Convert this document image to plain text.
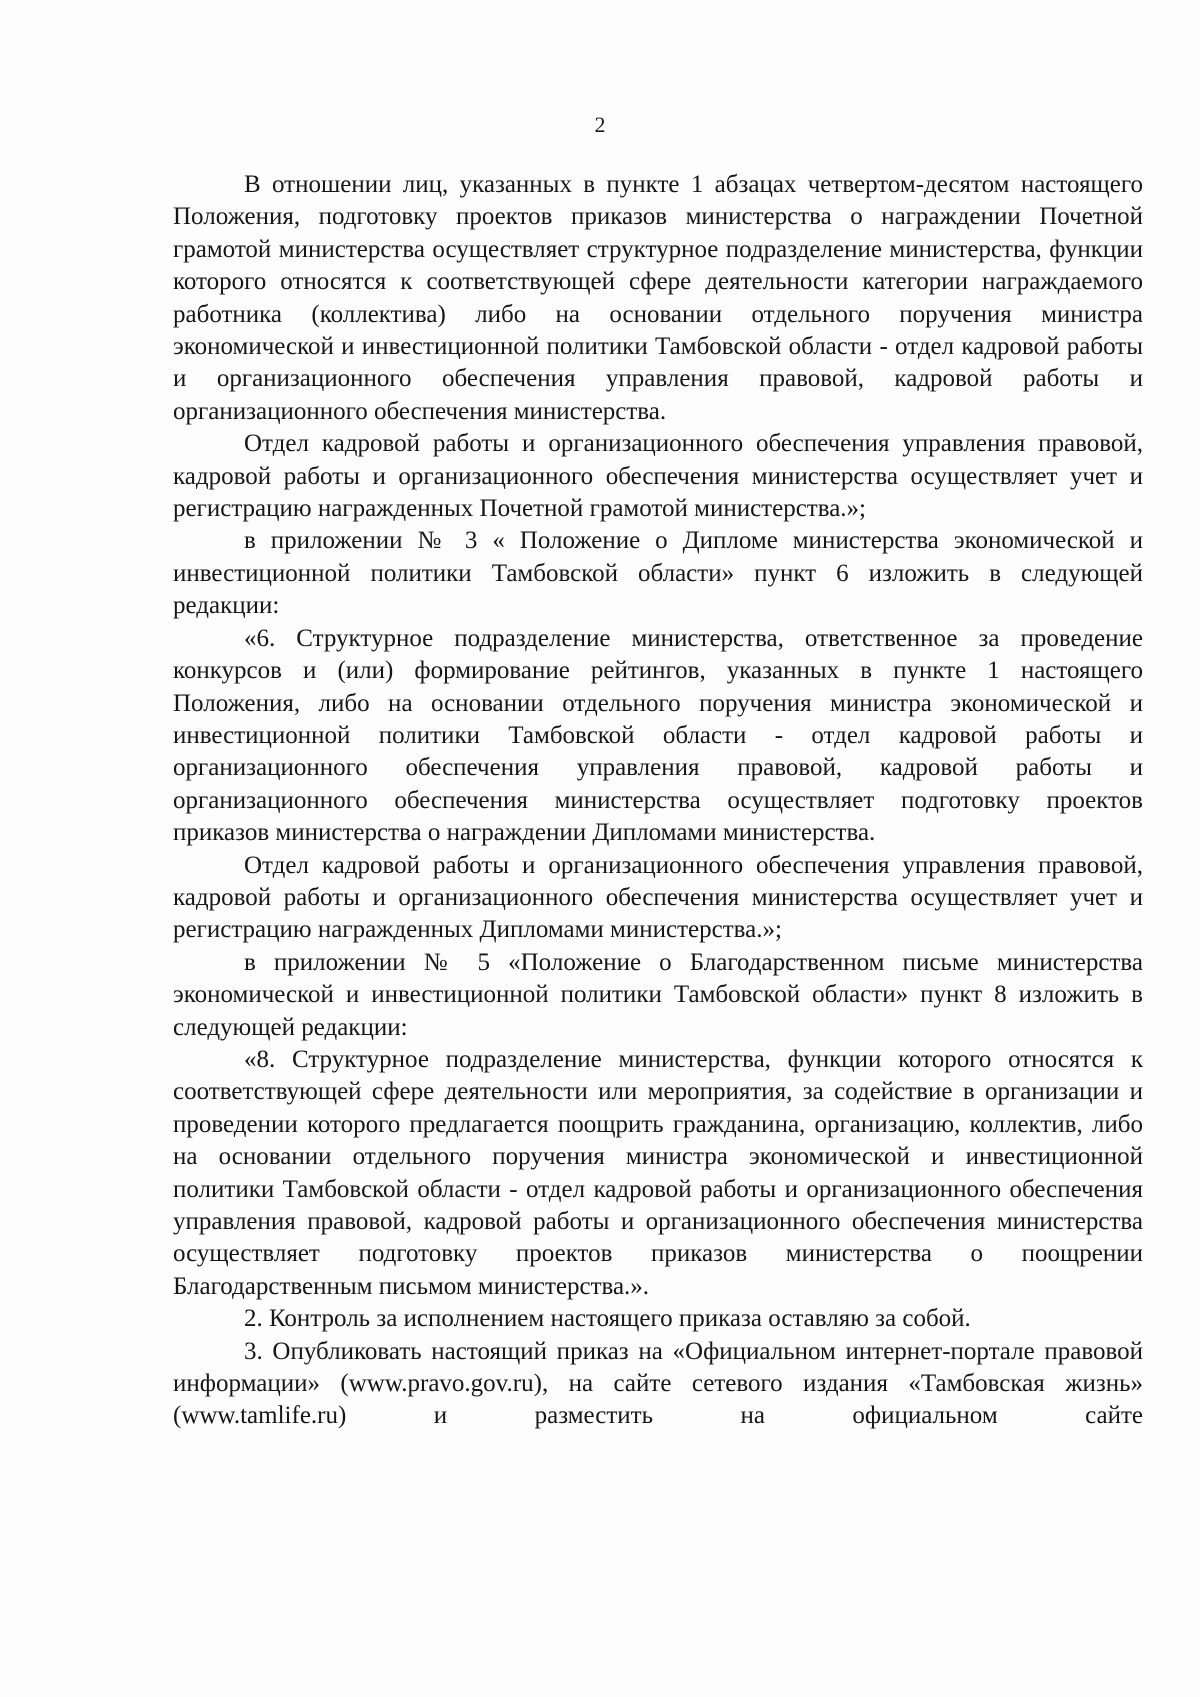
2

В отношении лиц, указанных в пункте 1 абзацах четвертом-десятом настоящего Положения, подготовку проектов приказов министерства о награждении Почетной грамотой министерства осуществляет структурное подразделение министерства, функции которого относятся к соответствующей сфере деятельности категории награждаемого работника (коллектива) либо на основании отдельного поручения министра экономической и инвестиционной политики Тамбовской области - отдел кадровой работы и организационного обеспечения управления правовой, кадровой работы и организационного обеспечения министерства.

Отдел кадровой работы и организационного обеспечения управления правовой, кадровой работы и организационного обеспечения министерства осуществляет учет и регистрацию награжденных Почетной грамотой министерства.»;

в приложении № 3 « Положение о Дипломе министерства экономической и инвестиционной политики Тамбовской области» пункт 6 изложить в следующей редакции:

«6. Структурное подразделение министерства, ответственное за проведение конкурсов и (или) формирование рейтингов, указанных в пункте 1 настоящего Положения, либо на основании отдельного поручения министра экономической и инвестиционной политики Тамбовской области - отдел кадровой работы и организационного обеспечения управления правовой, кадровой работы и организационного обеспечения министерства осуществляет подготовку проектов приказов министерства о награждении Дипломами министерства.

Отдел кадровой работы и организационного обеспечения управления правовой, кадровой работы и организационного обеспечения министерства осуществляет учет и регистрацию награжденных Дипломами министерства.»;

в приложении № 5 «Положение о Благодарственном письме министерства экономической и инвестиционной политики Тамбовской области» пункт 8 изложить в следующей редакции:

«8. Структурное подразделение министерства, функции которого относятся к соответствующей сфере деятельности или мероприятия, за содействие в организации и проведении которого предлагается поощрить гражданина, организацию, коллектив, либо на основании отдельного поручения министра экономической и инвестиционной политики Тамбовской области - отдел кадровой работы и организационного обеспечения управления правовой, кадровой работы и организационного обеспечения министерства осуществляет подготовку проектов приказов министерства о поощрении Благодарственным письмом министерства.».

2. Контроль за исполнением настоящего приказа оставляю за собой.

3. Опубликовать настоящий приказ на «Официальном интернет-портале правовой информации» (www.pravo.gov.ru), на сайте сетевого издания «Тамбовская жизнь» (www.tamlife.ru) и разместить на официальном сайте
